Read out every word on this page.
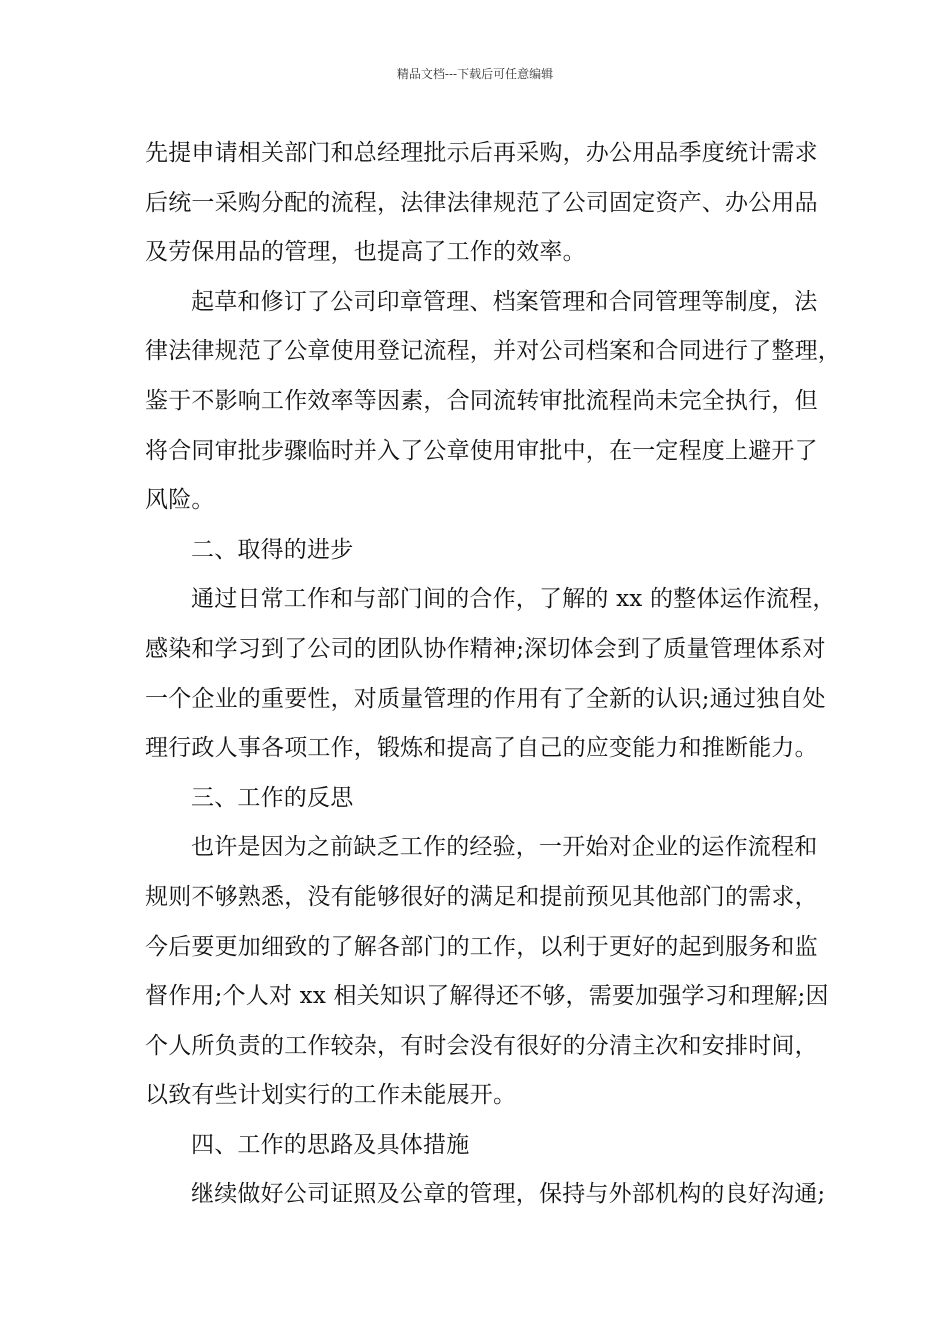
精品文档---下载后可任意编辑
先提申请相关部门和总经理批示后再采购，办公用品季度统计需求
后统一采购分配的流程，法律法律规范了公司固定资产、办公用品
及劳保用品的管理，也提高了工作的效率。
起草和修订了公司印章管理、档案管理和合同管理等制度，法
律法律规范了公章使用登记流程，并对公司档案和合同进行了整理，
鉴于不影响工作效率等因素，合同流转审批流程尚未完全执行，但
将合同审批步骤临时并入了公章使用审批中，在一定程度上避开了
风险。
二、取得的进步
通过日常工作和与部门间的合作，了解的 xx 的整体运作流程，
感染和学习到了公司的团队协作精神;深切体会到了质量管理体系对
一个企业的重要性，对质量管理的作用有了全新的认识;通过独自处
理行政人事各项工作，锻炼和提高了自己的应变能力和推断能力。
三、工作的反思
也许是因为之前缺乏工作的经验，一开始对企业的运作流程和
规则不够熟悉，没有能够很好的满足和提前预见其他部门的需求，
今后要更加细致的了解各部门的工作，以利于更好的起到服务和监
督作用;个人对 xx 相关知识了解得还不够，需要加强学习和理解;因
个人所负责的工作较杂，有时会没有很好的分清主次和安排时间，
以致有些计划实行的工作未能展开。
四、工作的思路及具体措施
继续做好公司证照及公章的管理，保持与外部机构的良好沟通;
